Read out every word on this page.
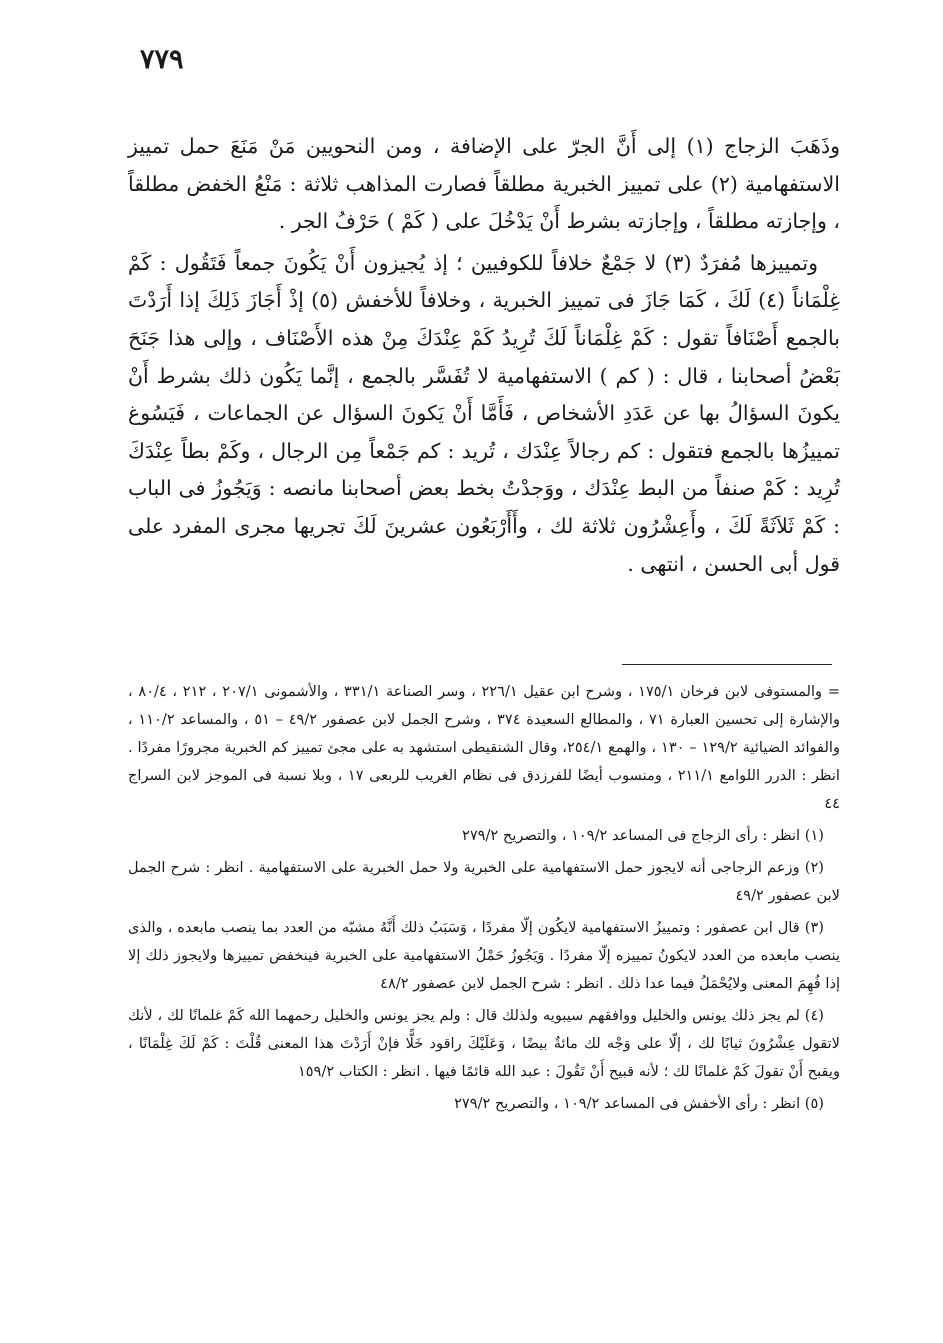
٧٧٩

وذَهَبَ الزجاج (١) إلى أَنَّ الجرّ على الإضافة ، ومن النحويين مَنْ مَنَعَ حمل تمييز الاستفهامية (٢) على تمييز الخبرية مطلقاً فصارت المذاهب ثلاثة : مَنْعُ الخفض مطلقاً ، وإجازته مطلقاً ، وإجازته بشرط أَنْ يَدْخُلَ على ( كَمْ ) حَرْفُ الجر .

وتمييزها مُفرَدٌ (٣) لا جَمْعٌ خلافاً للكوفيين ؛ إذ يُجيزون أَنْ يَكُونَ جمعاً فَتَقُول : كَمْ غِلْمَاناً (٤) لَكَ ، كَمَا جَازَ فى تمييز الخبرية ، وخلافاً للأخفش (٥) إذْ أَجَازَ ذَلِكَ إذا أَرَدْتَ بالجمع أَصْنَافاً تقول : كَمْ غِلْمَاناً لَكَ تُرِيدُ كَمْ عِنْدَكَ مِنْ هذه الأَصْنَاف ، وإلى هذا جَنَحَ بَعْضُ أصحابنا ، قال : ( كم ) الاستفهامية لا تُفَسَّر بالجمع ، إنَّما يَكُون ذلك بشرط أَنْ يكونَ السؤالُ بها عن عَدَدِ الأشخاص ، فَأَمَّا أَنْ يَكونَ السؤال عن الجماعات ، فَيَسُوغ تمييزُها بالجمع فتقول : كم رجالاً عِنْدَك ، تُريد : كم جَمْعاً مِن الرجال ، وكَمْ بطاً عِنْدَكَ تُرِيد : كَمْ صنفاً من البط عِنْدَك ، ووَجدْتُ بخط بعض أصحابنا مانصه : وَيَجُوزُ فى الباب : كَمْ ثَلاَثَةً لَكَ ، وأَعِشْرُون ثلاثة لك ، وأَأَرْبَعُون عشرينَ لَكَ تجريها مجرى المفرد على قول أبى الحسن ، انتهى .

= والمستوفى لابن فرخان ١٧٥/١ ، وشرح ابن عقيل ٢٢٦/١ ، وسر الصناعة ٣٣١/١ ، والأشمونى ٢٠٧/١ ، ٢١٢ ، ٨٠/٤ ، والإشارة إلى تحسين العبارة ٧١ ، والمطالع السعيدة ٣٧٤ ، وشرح الجمل لابن عصفور ٤٩/٢ – ٥١ ، والمساعد ١١٠/٢ ، والفوائد الضيائية ١٢٩/٢ – ١٣٠ ، والهمع ٢٥٤/١، وقال الشنقيطى استشهد به على مجئ تمييز كم الخبرية مجرورًا مفردًا . انظر : الدرر اللوامع ٢١١/١ ، ومنسوب أيضًا للفرزدق فى نظام الغريب للربعى ١٧ ، وبلا نسبة فى الموجز لابن السراج ٤٤

(١) انظر : رأى الزجاج فى المساعد ١٠٩/٢ ، والتصريح ٢٧٩/٢

(٢) وزعم الزجاجى أنه لايجوز حمل الاستفهامية على الخبرية ولا حمل الخبرية على الاستفهامية . انظر : شرح الجمل لابن عصفور ٤٩/٢

(٣) قال ابن عصفور : وتمييزُ الاستفهامية لايكُون إلّا مفردًا ، وَسَبَبُ ذلك أَنَّهُ مشبّه من العدد بما ينصب مابعده ، والذى ينصب مابعده من العدد لايكونُ تمييزه إلّا مفردًا . وَيَجُوزُ حَمْلُ الاستفهامية على الخبرية فينخفض تمييزها ولايجوز ذلك إلا إذا فُهِمَ المعنى ولايُحْمَلُ فيما عدا ذلك . انظر : شرح الجمل لابن عصفور ٤٨/٢

(٤) لم يجز ذلك يونس والخليل ووافقهم سيبويه ولذلك قال : ولم يجز يونس والخليل رحمهما الله كَمْ غلمانًا لك ، لأنك لاتقول عِشْرُونَ ثيابًا لك ، إلّا على وَجْه لك مائةٌ بيضًا ، وَعَلَيْكَ راقود خَلًّا فإنْ أَرَدْتَ هذا المعنى قُلْتَ : كَمْ لَكَ غِلْمَانًا ، ويقبح أَنْ تقولَ كَمْ غلمانًا لك ؛ لأنه قبيح أَنْ تَقُولَ : عبد الله قائمًا فيها . انظر : الكتاب ١٥٩/٢

(٥) انظر : رأى الأخفش فى المساعد ١٠٩/٢ ، والتصريح ٢٧٩/٢
